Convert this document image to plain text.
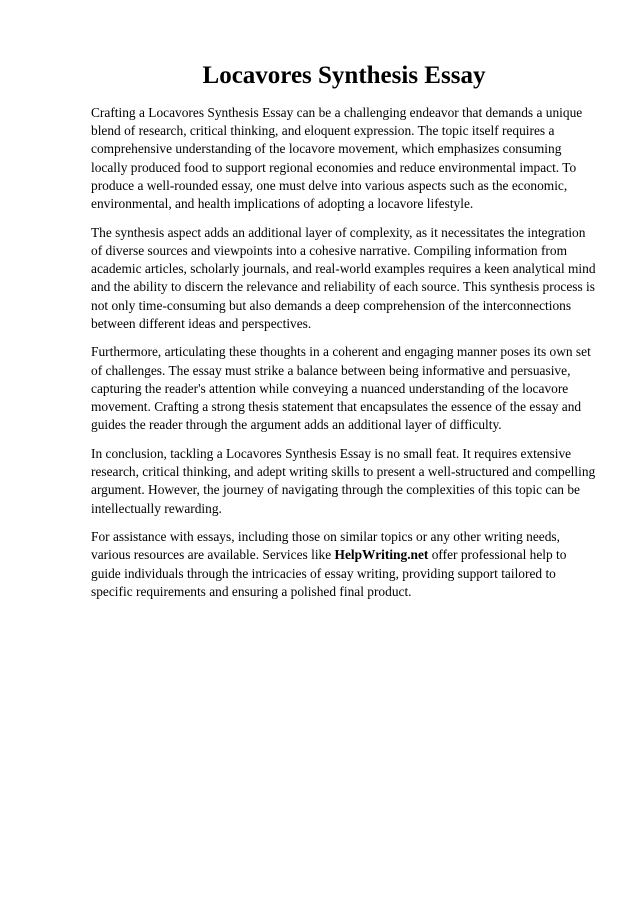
Locavores Synthesis Essay

Crafting a Locavores Synthesis Essay can be a challenging endeavor that demands a unique blend of research, critical thinking, and eloquent expression. The topic itself requires a comprehensive understanding of the locavore movement, which emphasizes consuming locally produced food to support regional economies and reduce environmental impact. To produce a well-rounded essay, one must delve into various aspects such as the economic, environmental, and health implications of adopting a locavore lifestyle.

The synthesis aspect adds an additional layer of complexity, as it necessitates the integration of diverse sources and viewpoints into a cohesive narrative. Compiling information from academic articles, scholarly journals, and real-world examples requires a keen analytical mind and the ability to discern the relevance and reliability of each source. This synthesis process is not only time-consuming but also demands a deep comprehension of the interconnections between different ideas and perspectives.

Furthermore, articulating these thoughts in a coherent and engaging manner poses its own set of challenges. The essay must strike a balance between being informative and persuasive, capturing the reader's attention while conveying a nuanced understanding of the locavore movement. Crafting a strong thesis statement that encapsulates the essence of the essay and guides the reader through the argument adds an additional layer of difficulty.

In conclusion, tackling a Locavores Synthesis Essay is no small feat. It requires extensive research, critical thinking, and adept writing skills to present a well-structured and compelling argument. However, the journey of navigating through the complexities of this topic can be intellectually rewarding.

For assistance with essays, including those on similar topics or any other writing needs, various resources are available. Services like HelpWriting.net offer professional help to guide individuals through the intricacies of essay writing, providing support tailored to specific requirements and ensuring a polished final product.
